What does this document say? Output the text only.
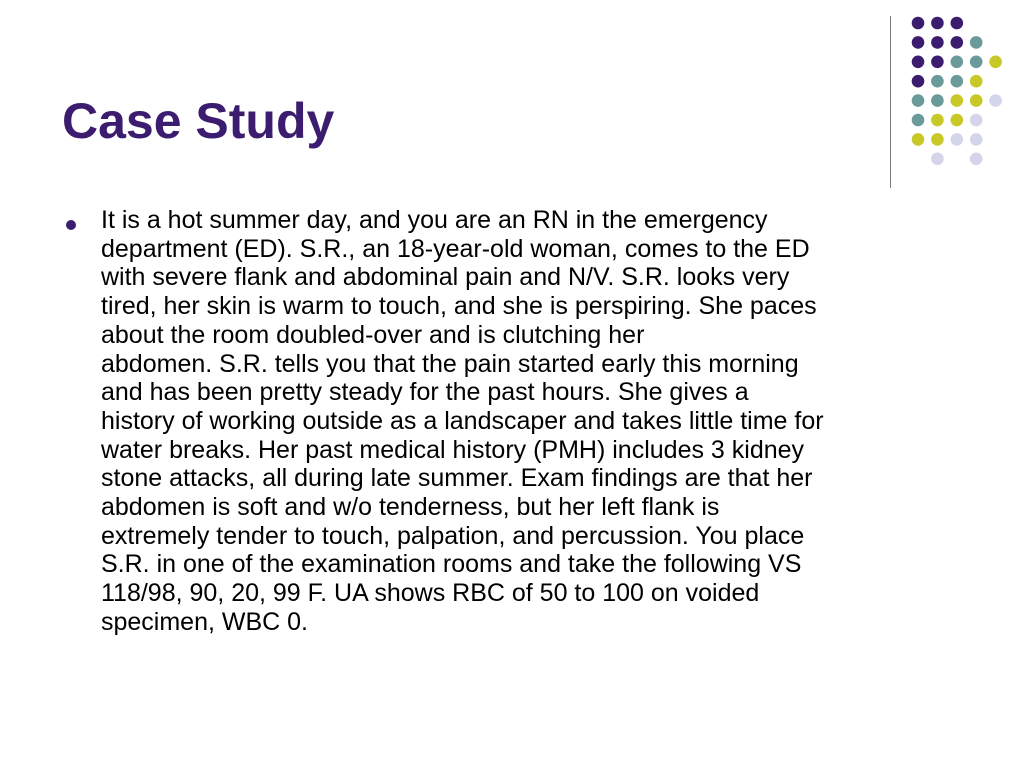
Case Study
It is a hot summer day, and you are an RN in the emergency
department (ED). S.R., an 18-year-old woman, comes to the ED
with severe flank and abdominal pain and N/V. S.R. looks very
tired, her skin is warm to touch, and she is perspiring. She paces
about the room doubled-over and is clutching her
abdomen. S.R. tells you that the pain started early this morning
and has been pretty steady for the past hours. She gives a
history of working outside as a landscaper and takes little time for
water breaks. Her past medical history (PMH) includes 3 kidney
stone attacks, all during late summer. Exam findings are that her
abdomen is soft and w/o tenderness, but her left flank is
extremely tender to touch, palpation, and percussion. You place
S.R. in one of the examination rooms and take the following VS
118/98, 90, 20, 99 F. UA shows RBC of 50 to 100 on voided
specimen, WBC 0.
